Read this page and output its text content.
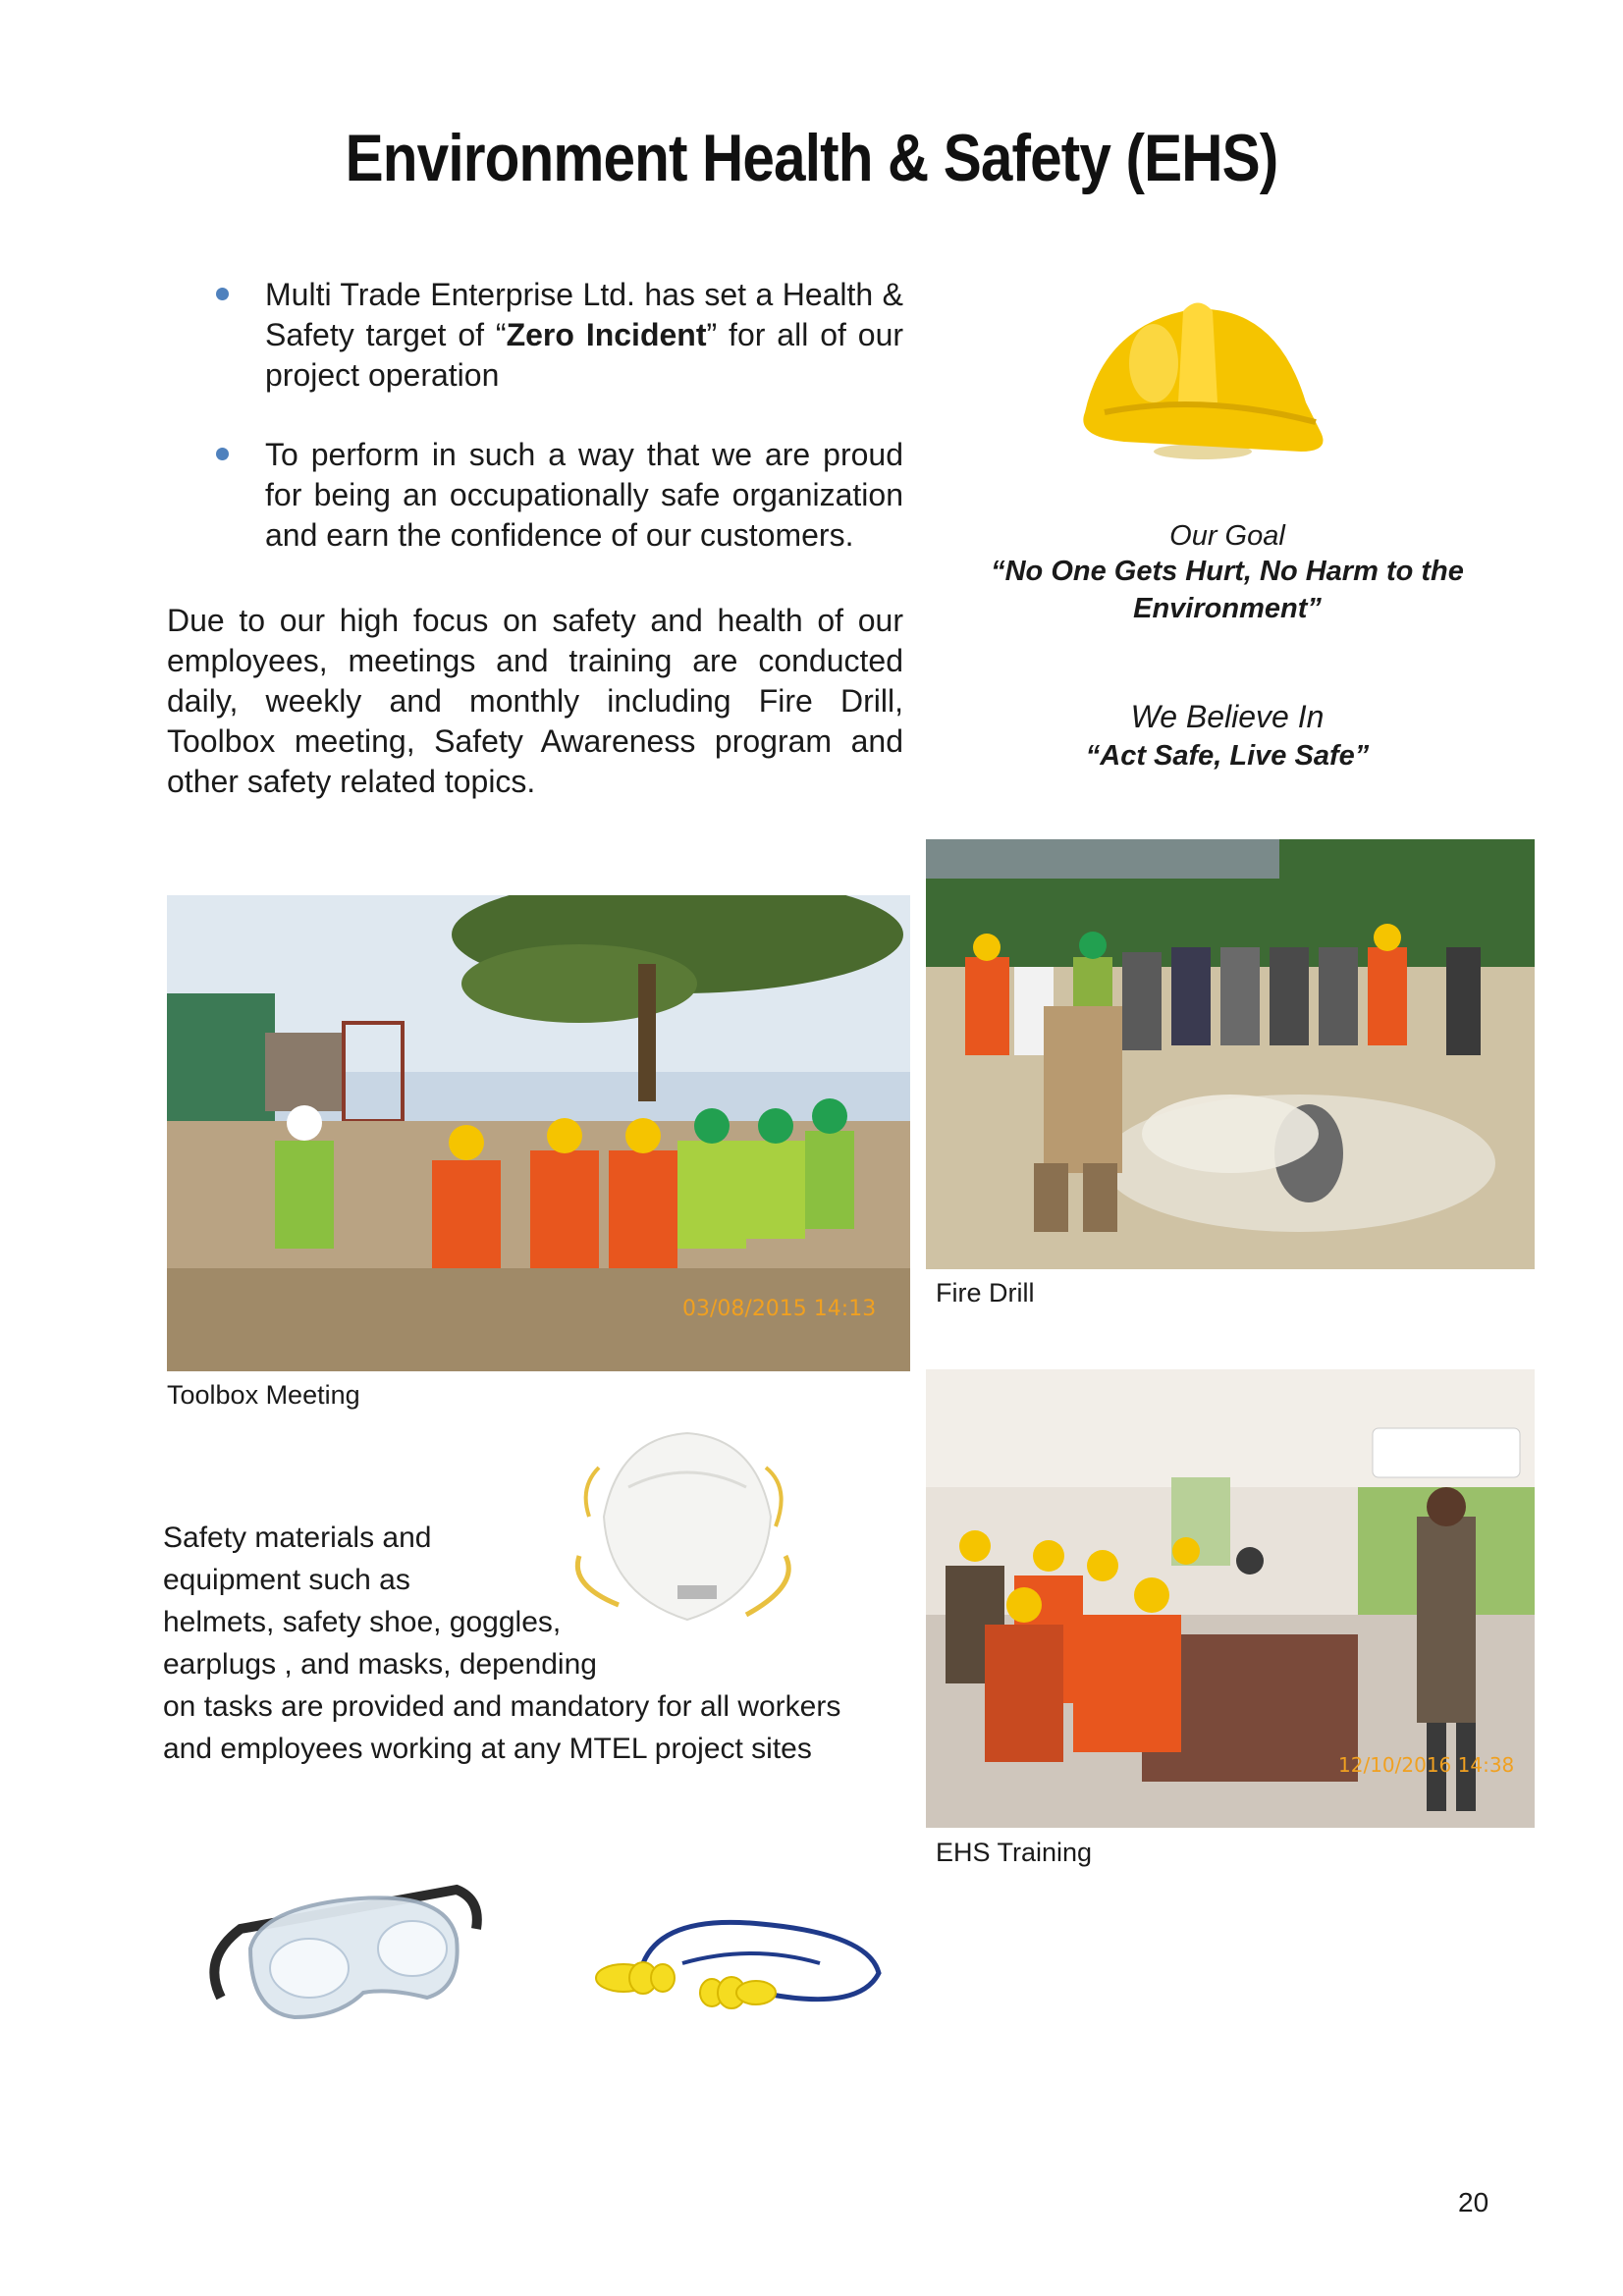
Environment Health & Safety (EHS)
Multi Trade Enterprise Ltd. has set a Health & Safety target of “Zero Incident” for all of our project operation
To perform in such a way that we are proud for being an occupationally safe organization and earn the confidence of our customers.
Due to our high focus on safety and health of our employees, meetings and training are conducted daily, weekly and monthly including Fire Drill, Toolbox meeting, Safety Awareness program and other safety related topics.
Our Goal
“No One Gets Hurt, No Harm to the
Environment”
We Believe In
“Act Safe, Live Safe”
03/08/2015 14:13
Toolbox Meeting
Fire Drill
12/10/2016 14:38
EHS Training
Safety materials and
equipment such as
helmets, safety shoe, goggles,
earplugs , and masks, depending
on tasks are provided and mandatory for all workers
and employees working at any MTEL project sites
20
